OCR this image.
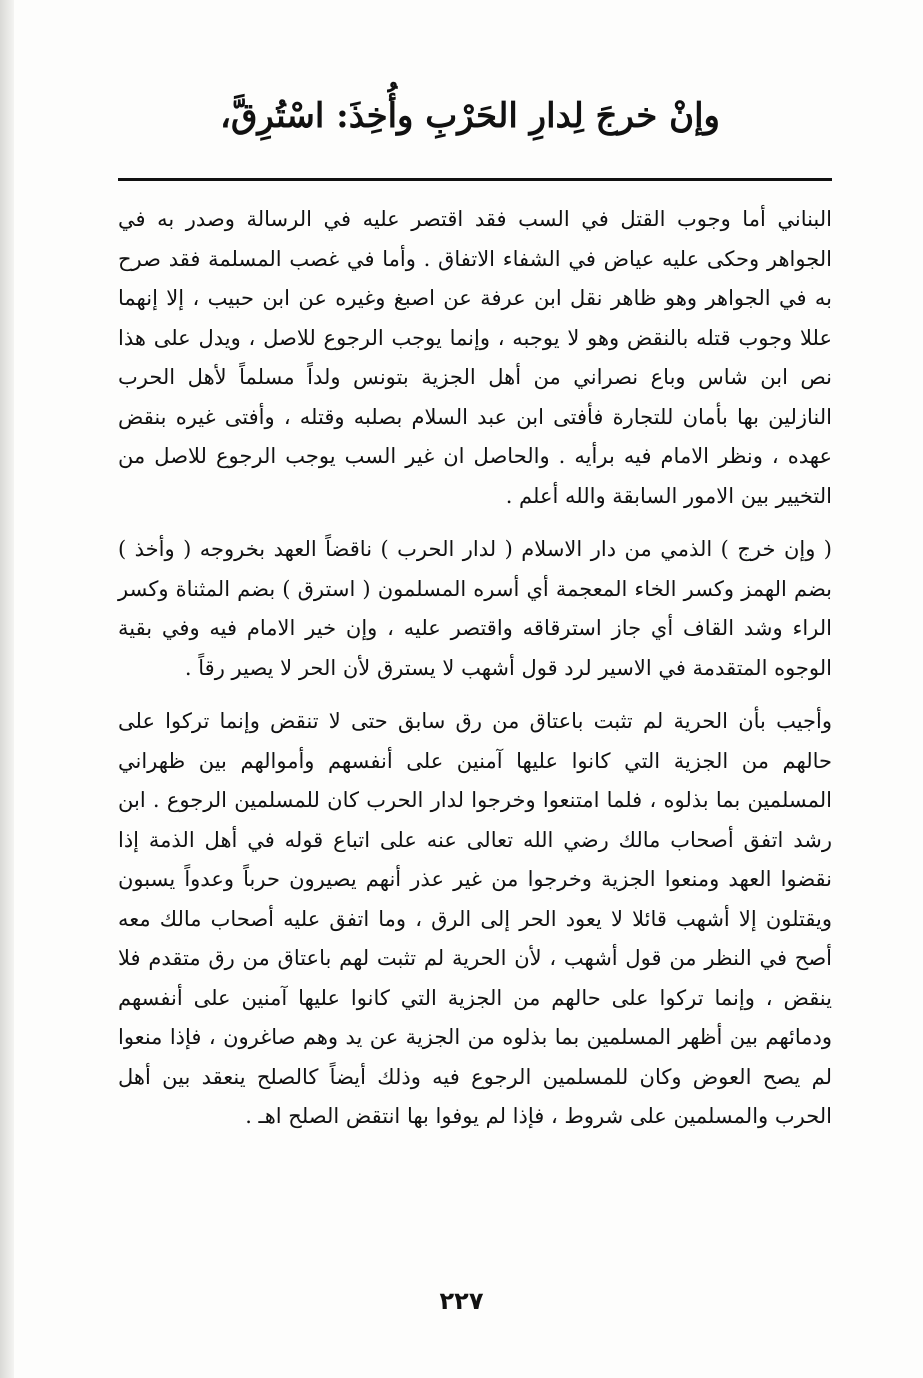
وإنْ خرجَ لِدارِ الحَرْبِ وأُخِذَ: اسْتُرِقَّ،

البناني أما وجوب القتل في السب فقد اقتصر عليه في الرسالة وصدر به في الجواهر وحكى عليه عياض في الشفاء الاتفاق . وأما في غصب المسلمة فقد صرح به في الجواهر وهو ظاهر نقل ابن عرفة عن اصبغ وغيره عن ابن حبيب ، إلا إنهما عللا وجوب قتله بالنقض وهو لا يوجبه ، وإنما يوجب الرجوع للاصل ، ويدل على هذا نص ابن شاس وباع نصراني من أهل الجزية بتونس ولداً مسلماً لأهل الحرب النازلين بها بأمان للتجارة فأفتى ابن عبد السلام بصلبه وقتله ، وأفتى غيره بنقض عهده ، ونظر الامام فيه برأيه . والحاصل ان غير السب يوجب الرجوع للاصل من التخيير بين الامور السابقة والله أعلم .

( وإن خرج ) الذمي من دار الاسلام ( لدار الحرب ) ناقضاً العهد بخروجه ( وأخذ ) بضم الهمز وكسر الخاء المعجمة أي أسره المسلمون ( استرق ) بضم المثناة وكسر الراء وشد القاف أي جاز استرقاقه واقتصر عليه ، وإن خير الامام فيه وفي بقية الوجوه المتقدمة في الاسير لرد قول أشهب لا يسترق لأن الحر لا يصير رقاً .

وأجيب بأن الحرية لم تثبت باعتاق من رق سابق حتى لا تنقض وإنما تركوا على حالهم من الجزية التي كانوا عليها آمنين على أنفسهم وأموالهم بين ظهراني المسلمين بما بذلوه ، فلما امتنعوا وخرجوا لدار الحرب كان للمسلمين الرجوع . ابن رشد اتفق أصحاب مالك رضي الله تعالى عنه على اتباع قوله في أهل الذمة إذا نقضوا العهد ومنعوا الجزية وخرجوا من غير عذر أنهم يصيرون حرباً وعدواً يسبون ويقتلون إلا أشهب قائلا لا يعود الحر إلى الرق ، وما اتفق عليه أصحاب مالك معه أصح في النظر من قول أشهب ، لأن الحرية لم تثبت لهم باعتاق من رق متقدم فلا ينقض ، وإنما تركوا على حالهم من الجزية التي كانوا عليها آمنين على أنفسهم ودمائهم بين أظهر المسلمين بما بذلوه من الجزية عن يد وهم صاغرون ، فإذا منعوا لم يصح العوض وكان للمسلمين الرجوع فيه وذلك أيضاً كالصلح ينعقد بين أهل الحرب والمسلمين على شروط ، فإذا لم يوفوا بها انتقض الصلح اهـ .

٢٢٧
